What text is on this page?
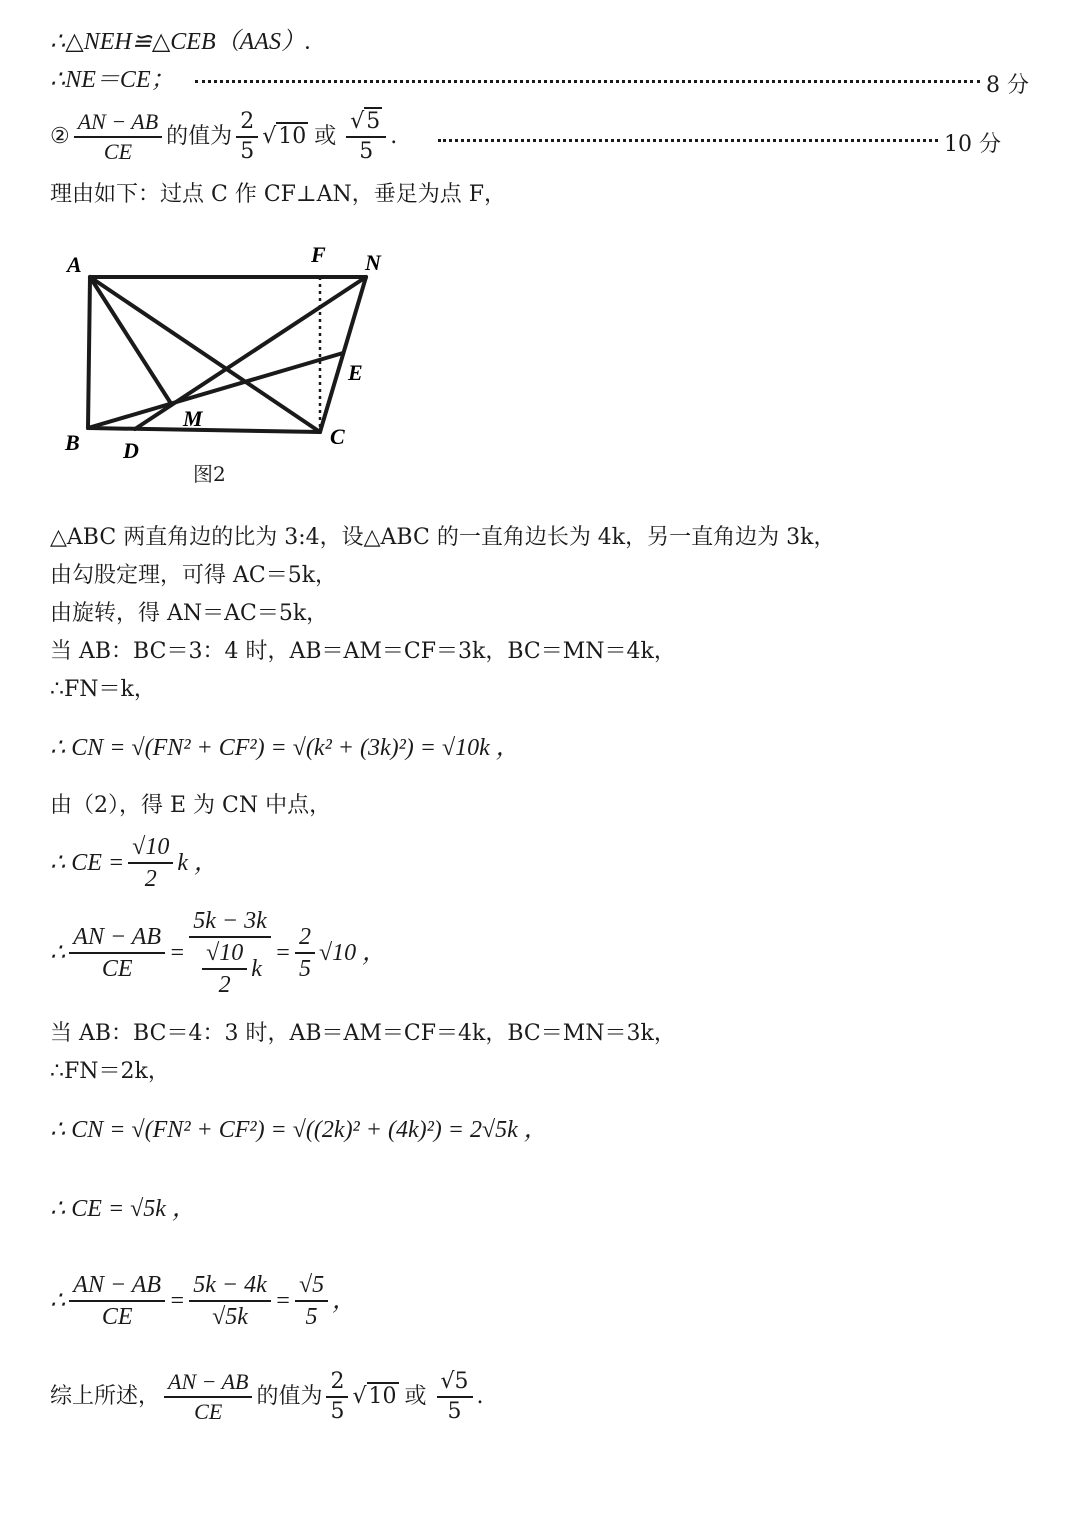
∴△NEH≌△CEB（AAS）.
∴NE＝CE；	8 分
② $\frac{AN - AB}{CE}$ 的值为 $\frac{2}{5} √10$ 或 $\frac{√5}{5}$ .	10 分
理由如下：过点 C 作 CF⊥AN，垂足为点 F，
A	F N
E
M
B D
C
图2
△ABC 两直角边的比为 3:4，设△ABC 的一直角边长为 4k，另一直角边为 3k，
由勾股定理，可得 AC＝5k，
由旋转，得 AN＝AC＝5k，
当 AB：BC＝3：4 时，AB＝AM＝CF＝3k，BC＝MN＝4k，
∴FN＝k，
∴ CN = √(FN² + CF²) = √(k² + (3k)²) = √10k ，
由（2），得 E 为 CN 中点，
∴ CE = $\frac{√10}{2}$ k ，
∴ $\frac{AN - AB}{CE} = \frac{5k - 3k}{\frac{√10}{2} k} = \frac{2}{5} √10$ ，
当 AB：BC＝4：3 时，AB＝AM＝CF＝4k，BC＝MN＝3k，
∴FN＝2k，
∴ CN = √(FN² + CF²) = √((2k)² + (4k)²) = 2√5k ，
∴ CE = √5k ，
∴ $\frac{AN - AB}{CE} = \frac{5k - 4k}{√5k} = \frac{√5}{5}$ ，
综上所述， $\frac{AN - AB}{CE}$ 的值为 $\frac{2}{5} √10$ 或 $\frac{√5}{5}$ .
